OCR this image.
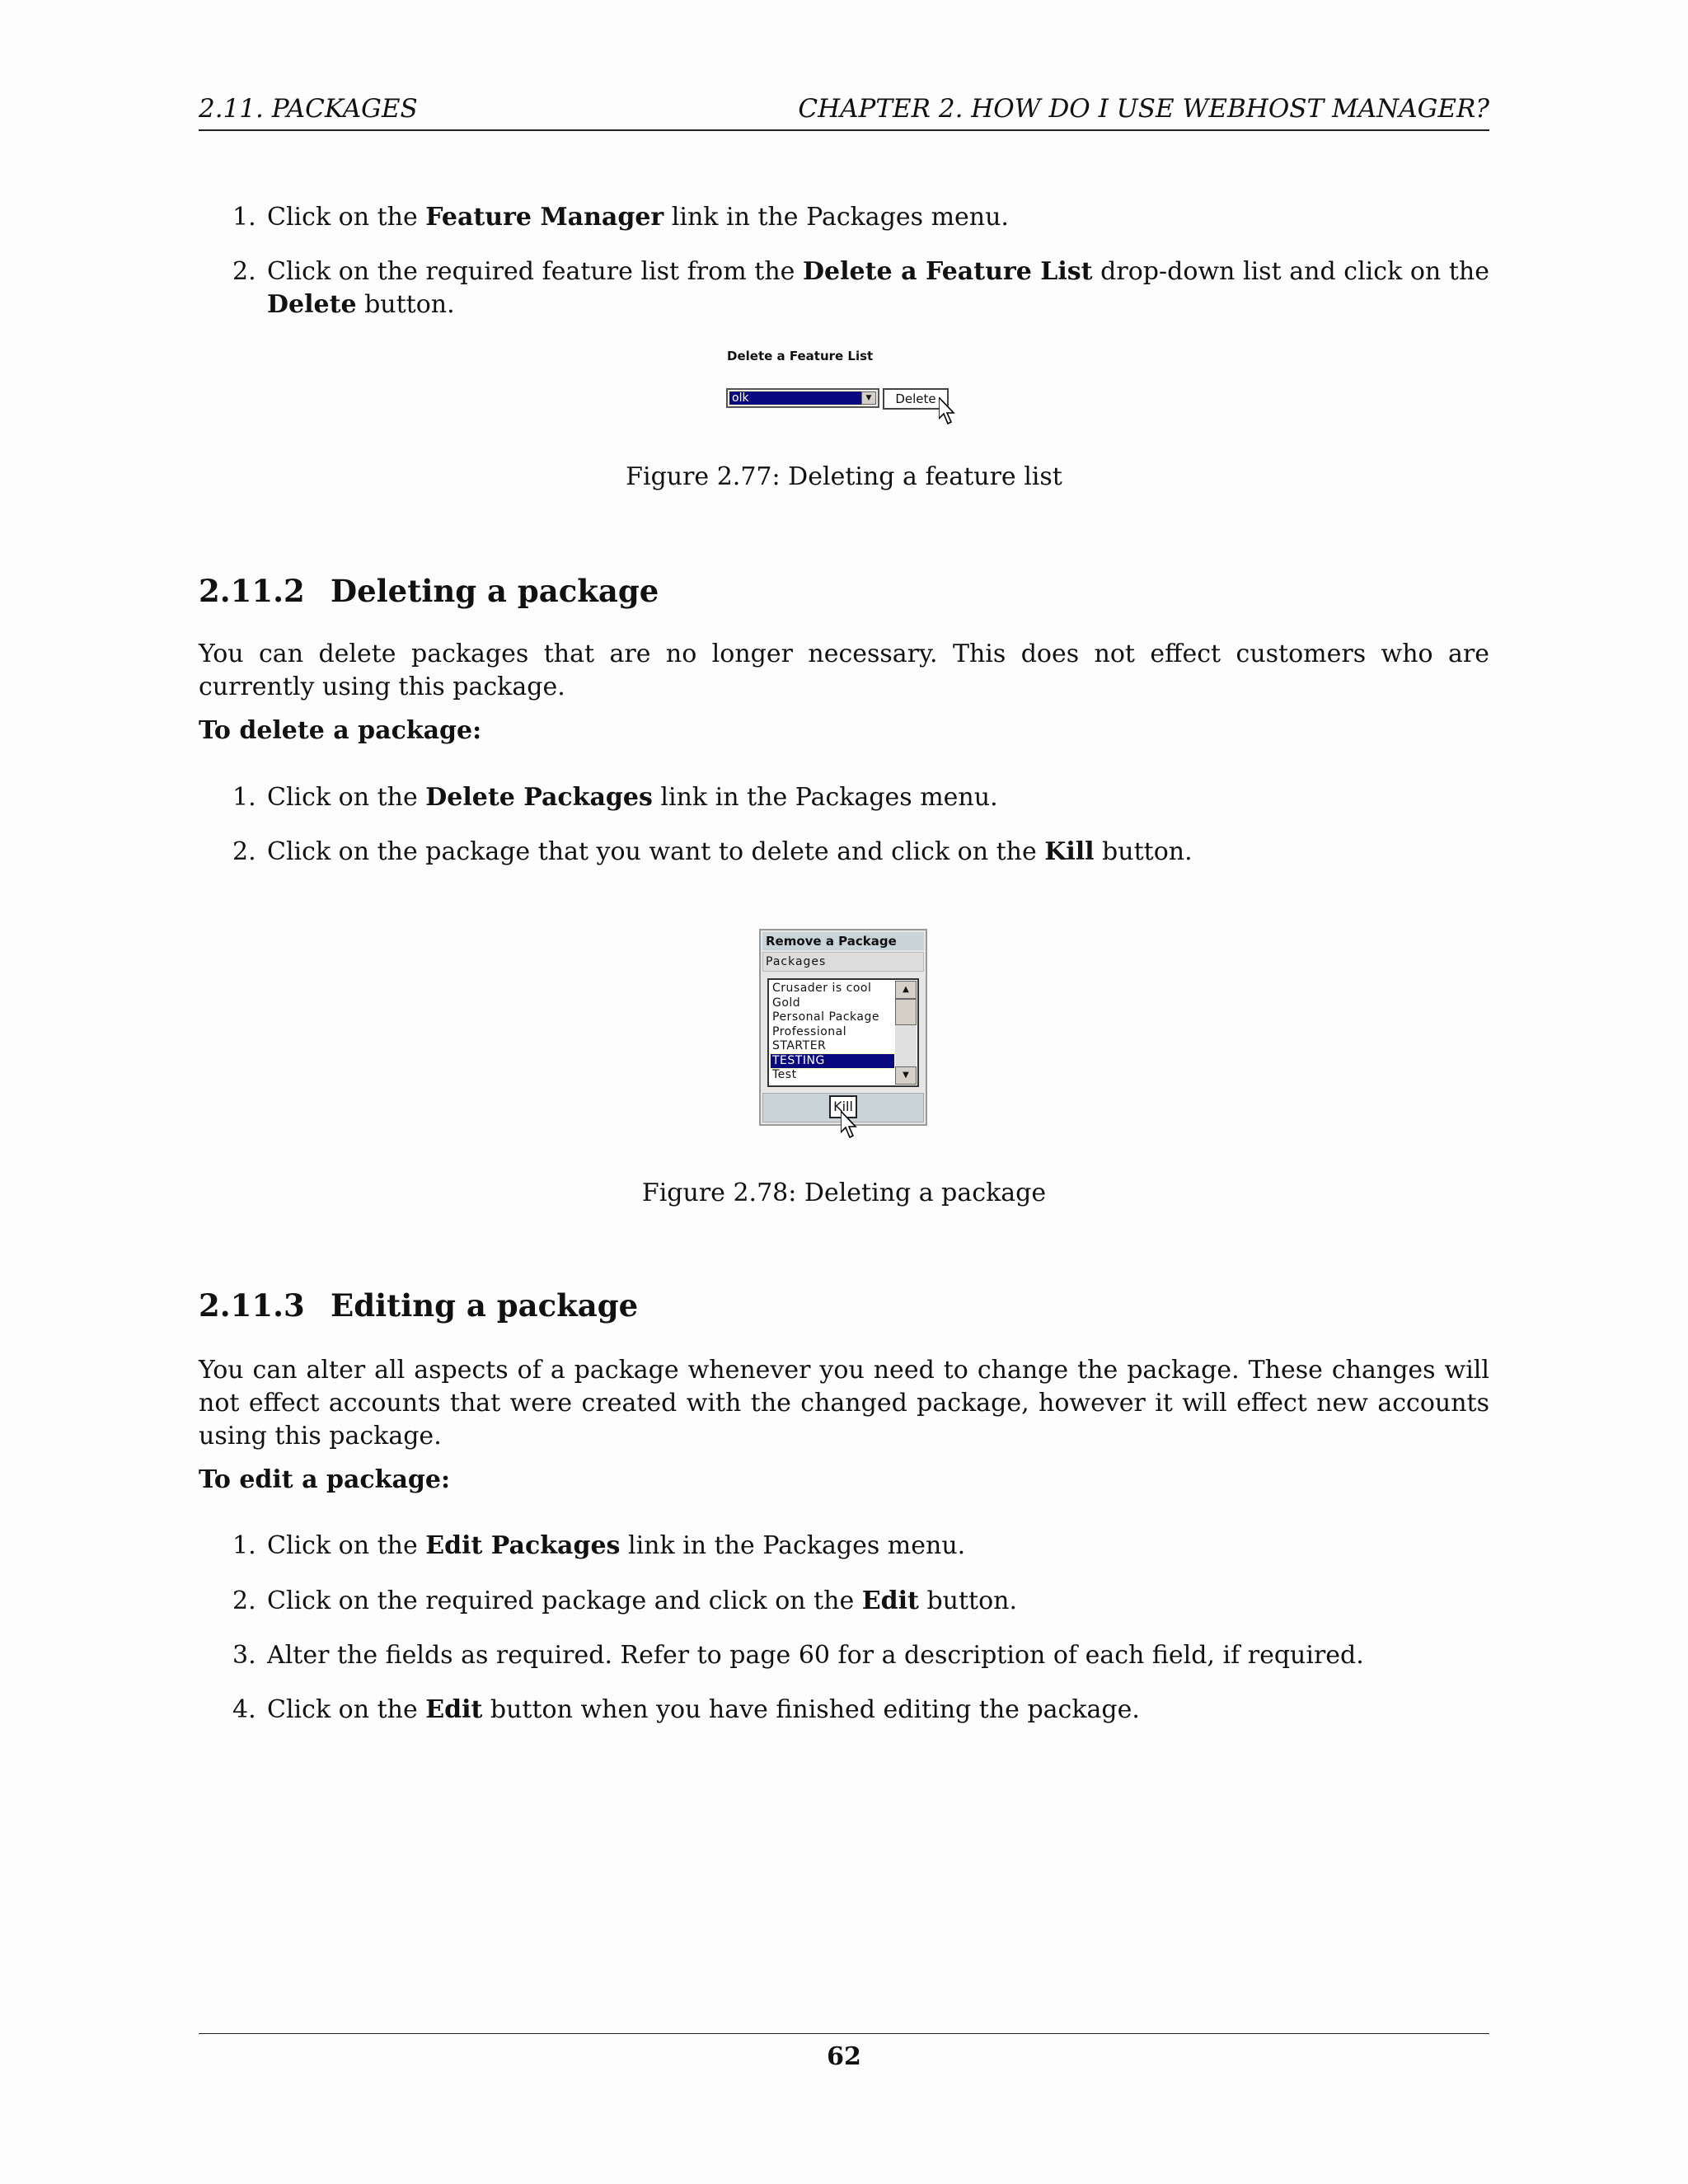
2.11. PACKAGES	CHAPTER 2. HOW DO I USE WEBHOST MANAGER?
1. Click on the Feature Manager link in the Packages menu.
2. Click on the required feature list from the Delete a Feature List drop-down list and click on the Delete button.
Delete a Feature List
olk	▼	Delete
Figure 2.77: Deleting a feature list
2.11.2 Deleting a package
You can delete packages that are no longer necessary. This does not effect customers who are currently using this package.
To delete a package:
1. Click on the Delete Packages link in the Packages menu.
2. Click on the package that you want to delete and click on the Kill button.
Remove a Package
Packages
Crusader is cool
Gold
Personal Package
Professional
STARTER
TESTING
Test
▲
▼
Kill
Figure 2.78: Deleting a package
2.11.3 Editing a package
You can alter all aspects of a package whenever you need to change the package. These changes will not effect accounts that were created with the changed package, however it will effect new accounts using this package.
To edit a package:
1. Click on the Edit Packages link in the Packages menu.
2. Click on the required package and click on the Edit button.
3. Alter the fields as required. Refer to page 60 for a description of each field, if required.
4. Click on the Edit button when you have finished editing the package.
62
